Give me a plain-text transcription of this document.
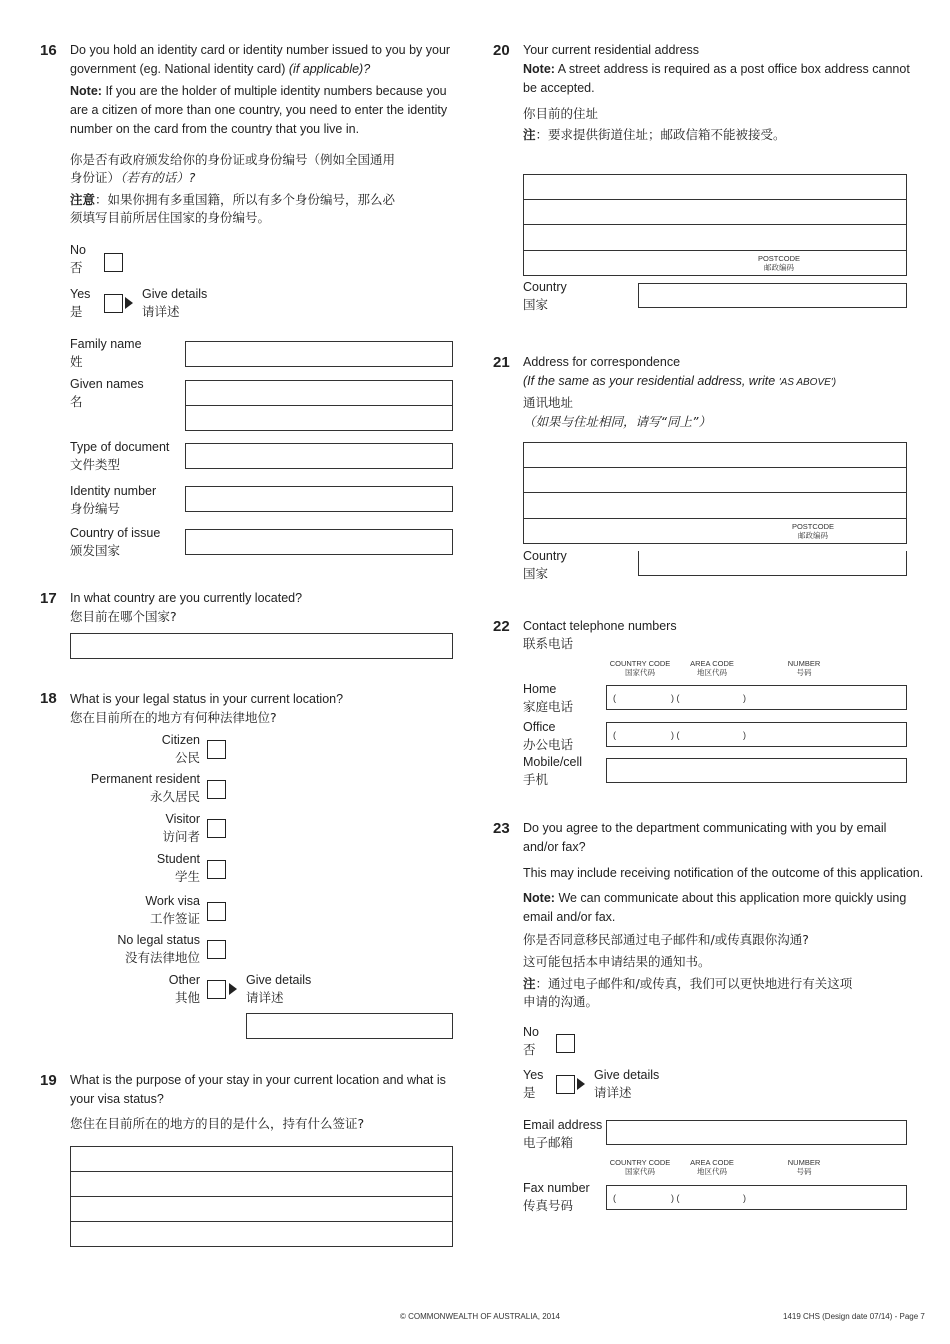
16 Do you hold an identity card or identity number issued to you by your
government (eg. National identity card) (if applicable)?
Note: If you are the holder of multiple identity numbers because you
are a citizen of more than one country, you need to enter the identity
number on the card from the country that you live in.
你是否有政府颁发给你的身份证或身份编号（例如全国通用
身份证）（若有的话）?
注意：如果你拥有多重国籍，所以有多个身份编号，那么必
须填写目前所居住国家的身份编号。
No
否
Yes
是
Give details
请详述
Family name
姓
Given names
名
Type of document
文件类型
Identity number
身份编号
Country of issue
颁发国家
17 In what country are you currently located?
您目前在哪个国家?
18 What is your legal status in your current location?
您在目前所在的地方有何种法律地位?
Citizen
公民
Permanent resident
永久居民
Visitor
访问者
Student
学生
Work visa
工作签证
No legal status
没有法律地位
Other
其他
Give details
请详述
19 What is the purpose of your stay in your current location and what is
your visa status?
您住在目前所在的地方的目的是什么，持有什么签证?
20 Your current residential address
Note: A street address is required as a post office box address cannot
be accepted.
你目前的住址
注：要求提供街道住址；邮政信箱不能被接受。
POSTCODE
邮政编码
Country
国家
21 Address for correspondence
(If the same as your residential address, write 'AS ABOVE')
通讯地址
（如果与住址相同，请写“同上”）
POSTCODE
邮政编码
Country
国家
22 Contact telephone numbers
联系电话
COUNTRY CODE
国家代码
AREA CODE
地区代码
NUMBER
号码
Home
家庭电话
(	) (	)
Office
办公电话
(	) (	)
Mobile/cell
手机
23 Do you agree to the department communicating with you by email
and/or fax?
This may include receiving notification of the outcome of this application.
Note: We can communicate about this application more quickly using
email and/or fax.
你是否同意移民部通过电子邮件和/或传真跟你沟通?
这可能包括本申请结果的通知书。
注：通过电子邮件和/或传真，我们可以更快地进行有关这项
申请的沟通。
No
否
Yes
是
Give details
请详述
Email address
电子邮箱
COUNTRY CODE
国家代码
AREA CODE
地区代码
NUMBER
号码
Fax number
传真号码	(	) (	)
© COMMONWEALTH OF AUSTRALIA, 2014	1419 CHS (Design date 07/14) - Page 7
